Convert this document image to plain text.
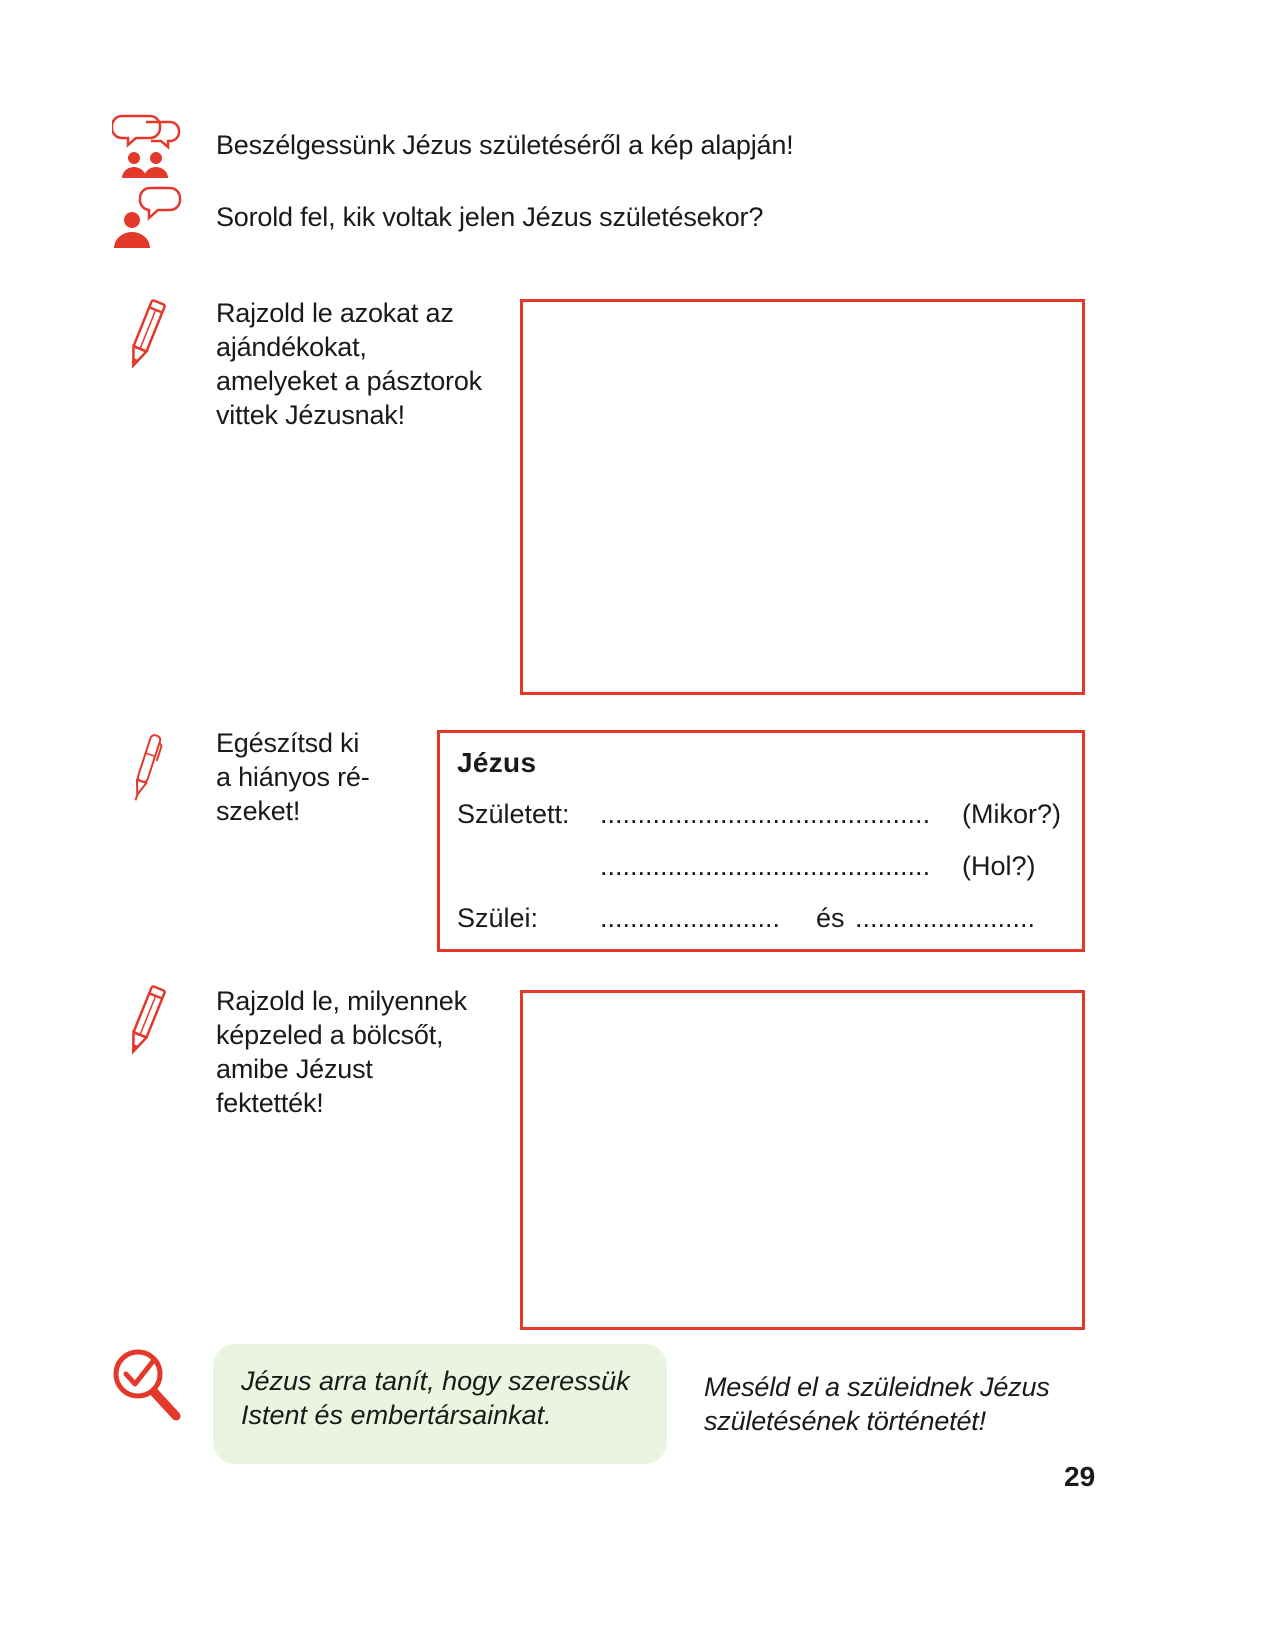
Beszélgessünk Jézus születéséről a kép alapján!
Sorold fel, kik voltak jelen Jézus születésekor?
Rajzold le azokat az
ajándékokat,
amelyeket a pásztorok
vittek Jézusnak!
Egészítsd ki
a hiányos ré-
szeket!
Jézus
Született: ............................................ (Mikor?)
............................................ (Hol?)
Szülei: ........................ és ........................
Rajzold le, milyennek
képzeled a bölcsőt,
amibe Jézust
fektették!
Jézus arra tanít, hogy szeressük
Istent és embertársainkat.
Meséld el a szüleidnek Jézus
születésének történetét!
29
